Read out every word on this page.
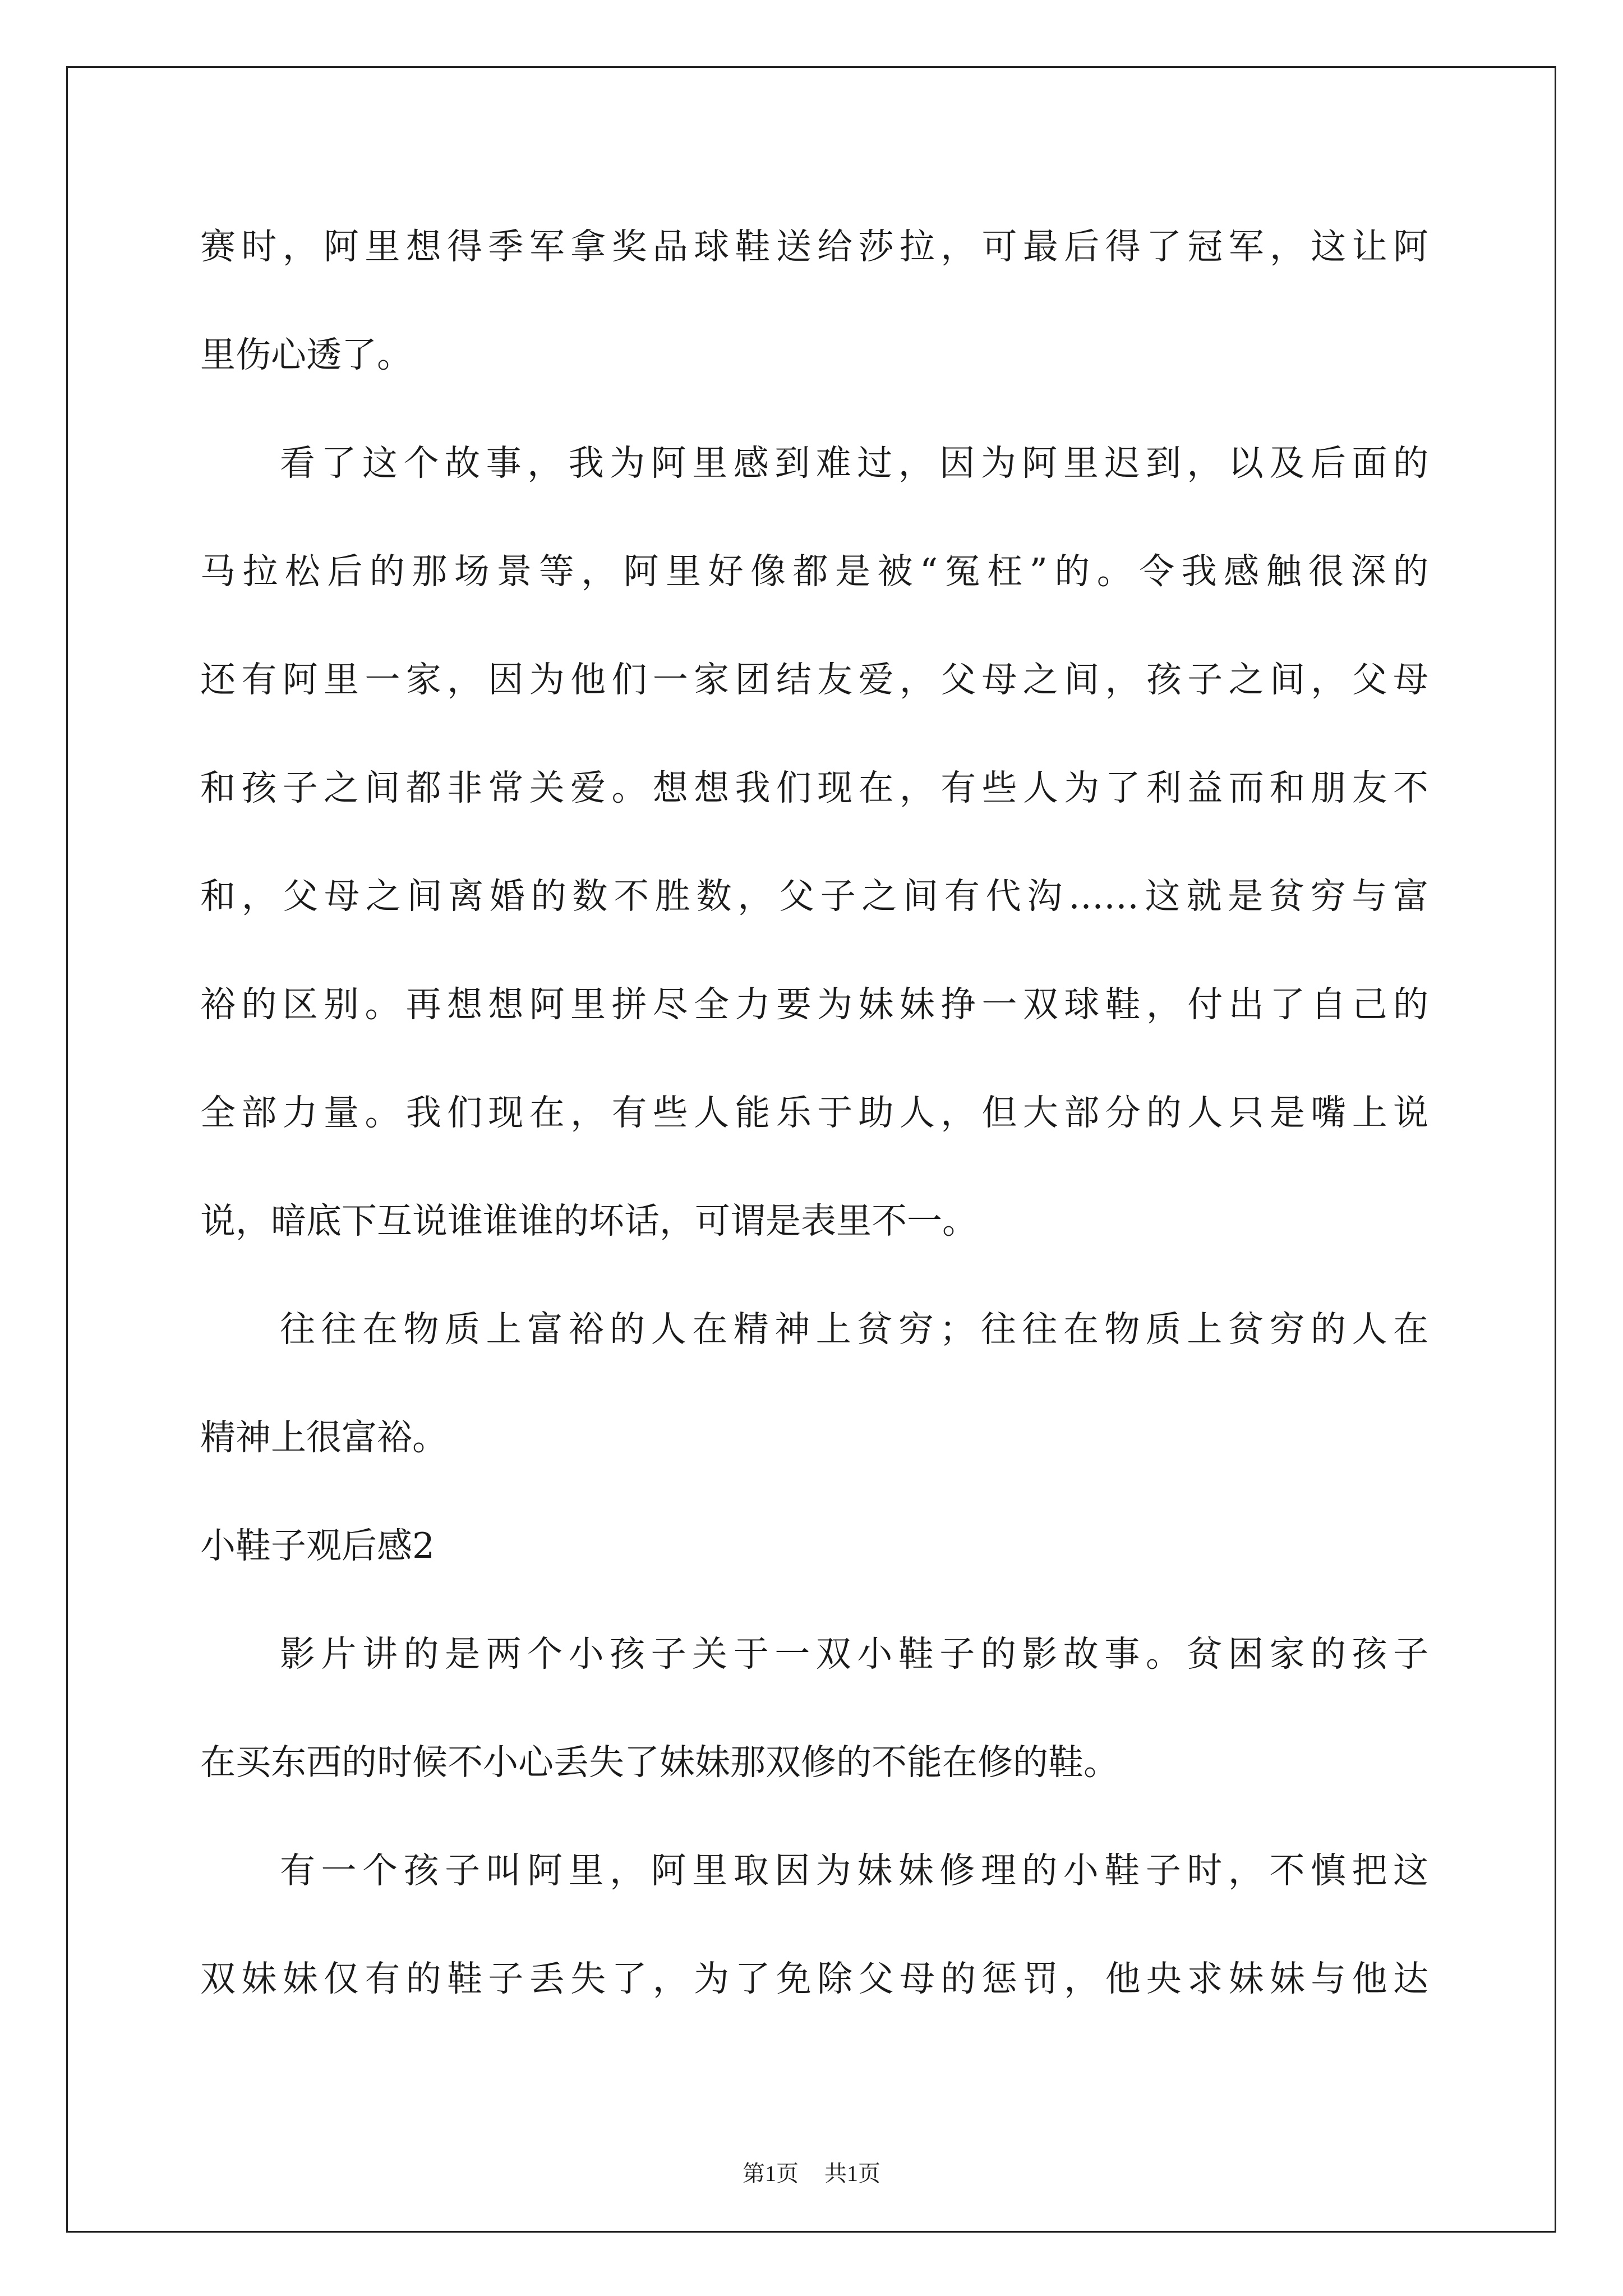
赛时，阿里想得季军拿奖品球鞋送给莎拉，可最后得了冠军，这让阿
里伤心透了。
看了这个故事，我为阿里感到难过，因为阿里迟到，以及后面的
马拉松后的那场景等，阿里好像都是被“冤枉”的。令我感触很深的
还有阿里一家，因为他们一家团结友爱，父母之间，孩子之间，父母
和孩子之间都非常关爱。想想我们现在，有些人为了利益而和朋友不
和，父母之间离婚的数不胜数，父子之间有代沟……这就是贫穷与富
裕的区别。再想想阿里拼尽全力要为妹妹挣一双球鞋，付出了自己的
全部力量。我们现在，有些人能乐于助人，但大部分的人只是嘴上说
说，暗底下互说谁谁谁的坏话，可谓是表里不一。
往往在物质上富裕的人在精神上贫穷；往往在物质上贫穷的人在
精神上很富裕。
小鞋子观后感2
影片讲的是两个小孩子关于一双小鞋子的影故事。贫困家的孩子
在买东西的时候不小心丢失了妹妹那双修的不能在修的鞋。
有一个孩子叫阿里，阿里取因为妹妹修理的小鞋子时，不慎把这
双妹妹仅有的鞋子丢失了，为了免除父母的惩罚，他央求妹妹与他达
第1页 共1页
